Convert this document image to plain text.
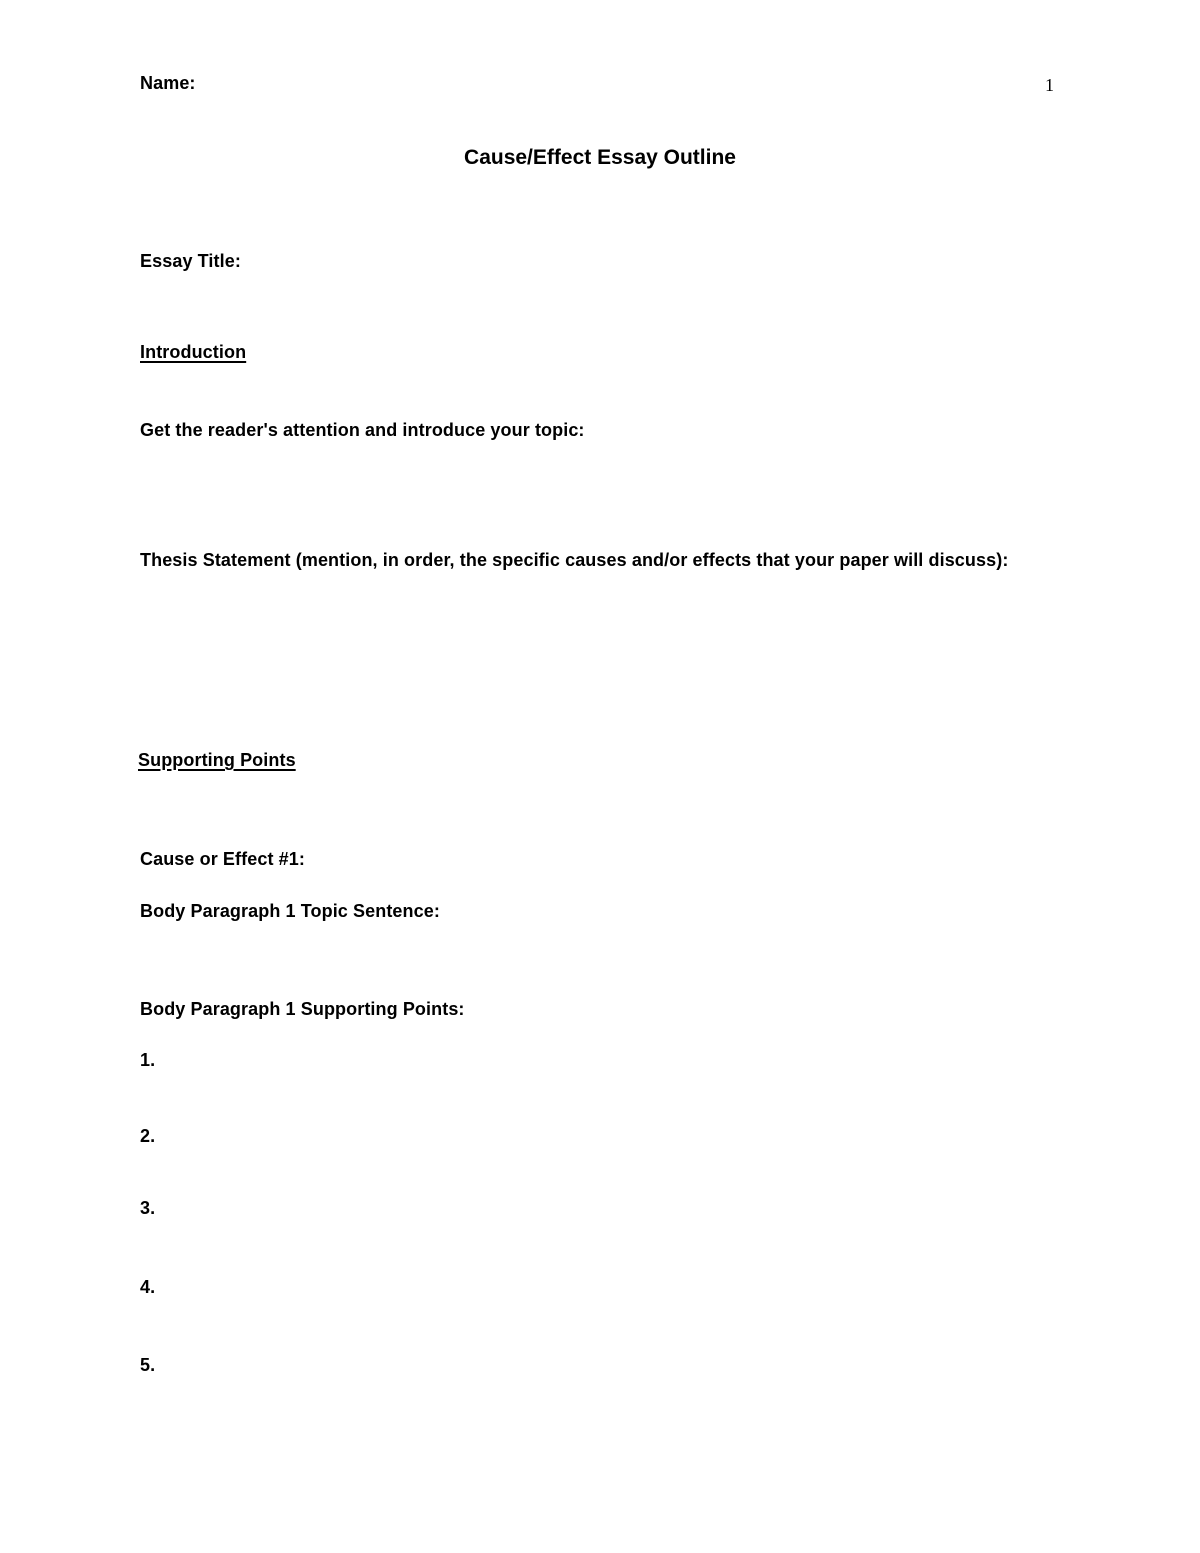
Name:	1
Cause/Effect Essay Outline
Essay Title:
Introduction
Get the reader's attention and introduce your topic:
Thesis Statement (mention, in order, the specific causes and/or effects that your paper will discuss):
Supporting Points
Cause or Effect #1:
Body Paragraph 1 Topic Sentence:
Body Paragraph 1 Supporting Points:
1.
2.
3.
4.
5.
